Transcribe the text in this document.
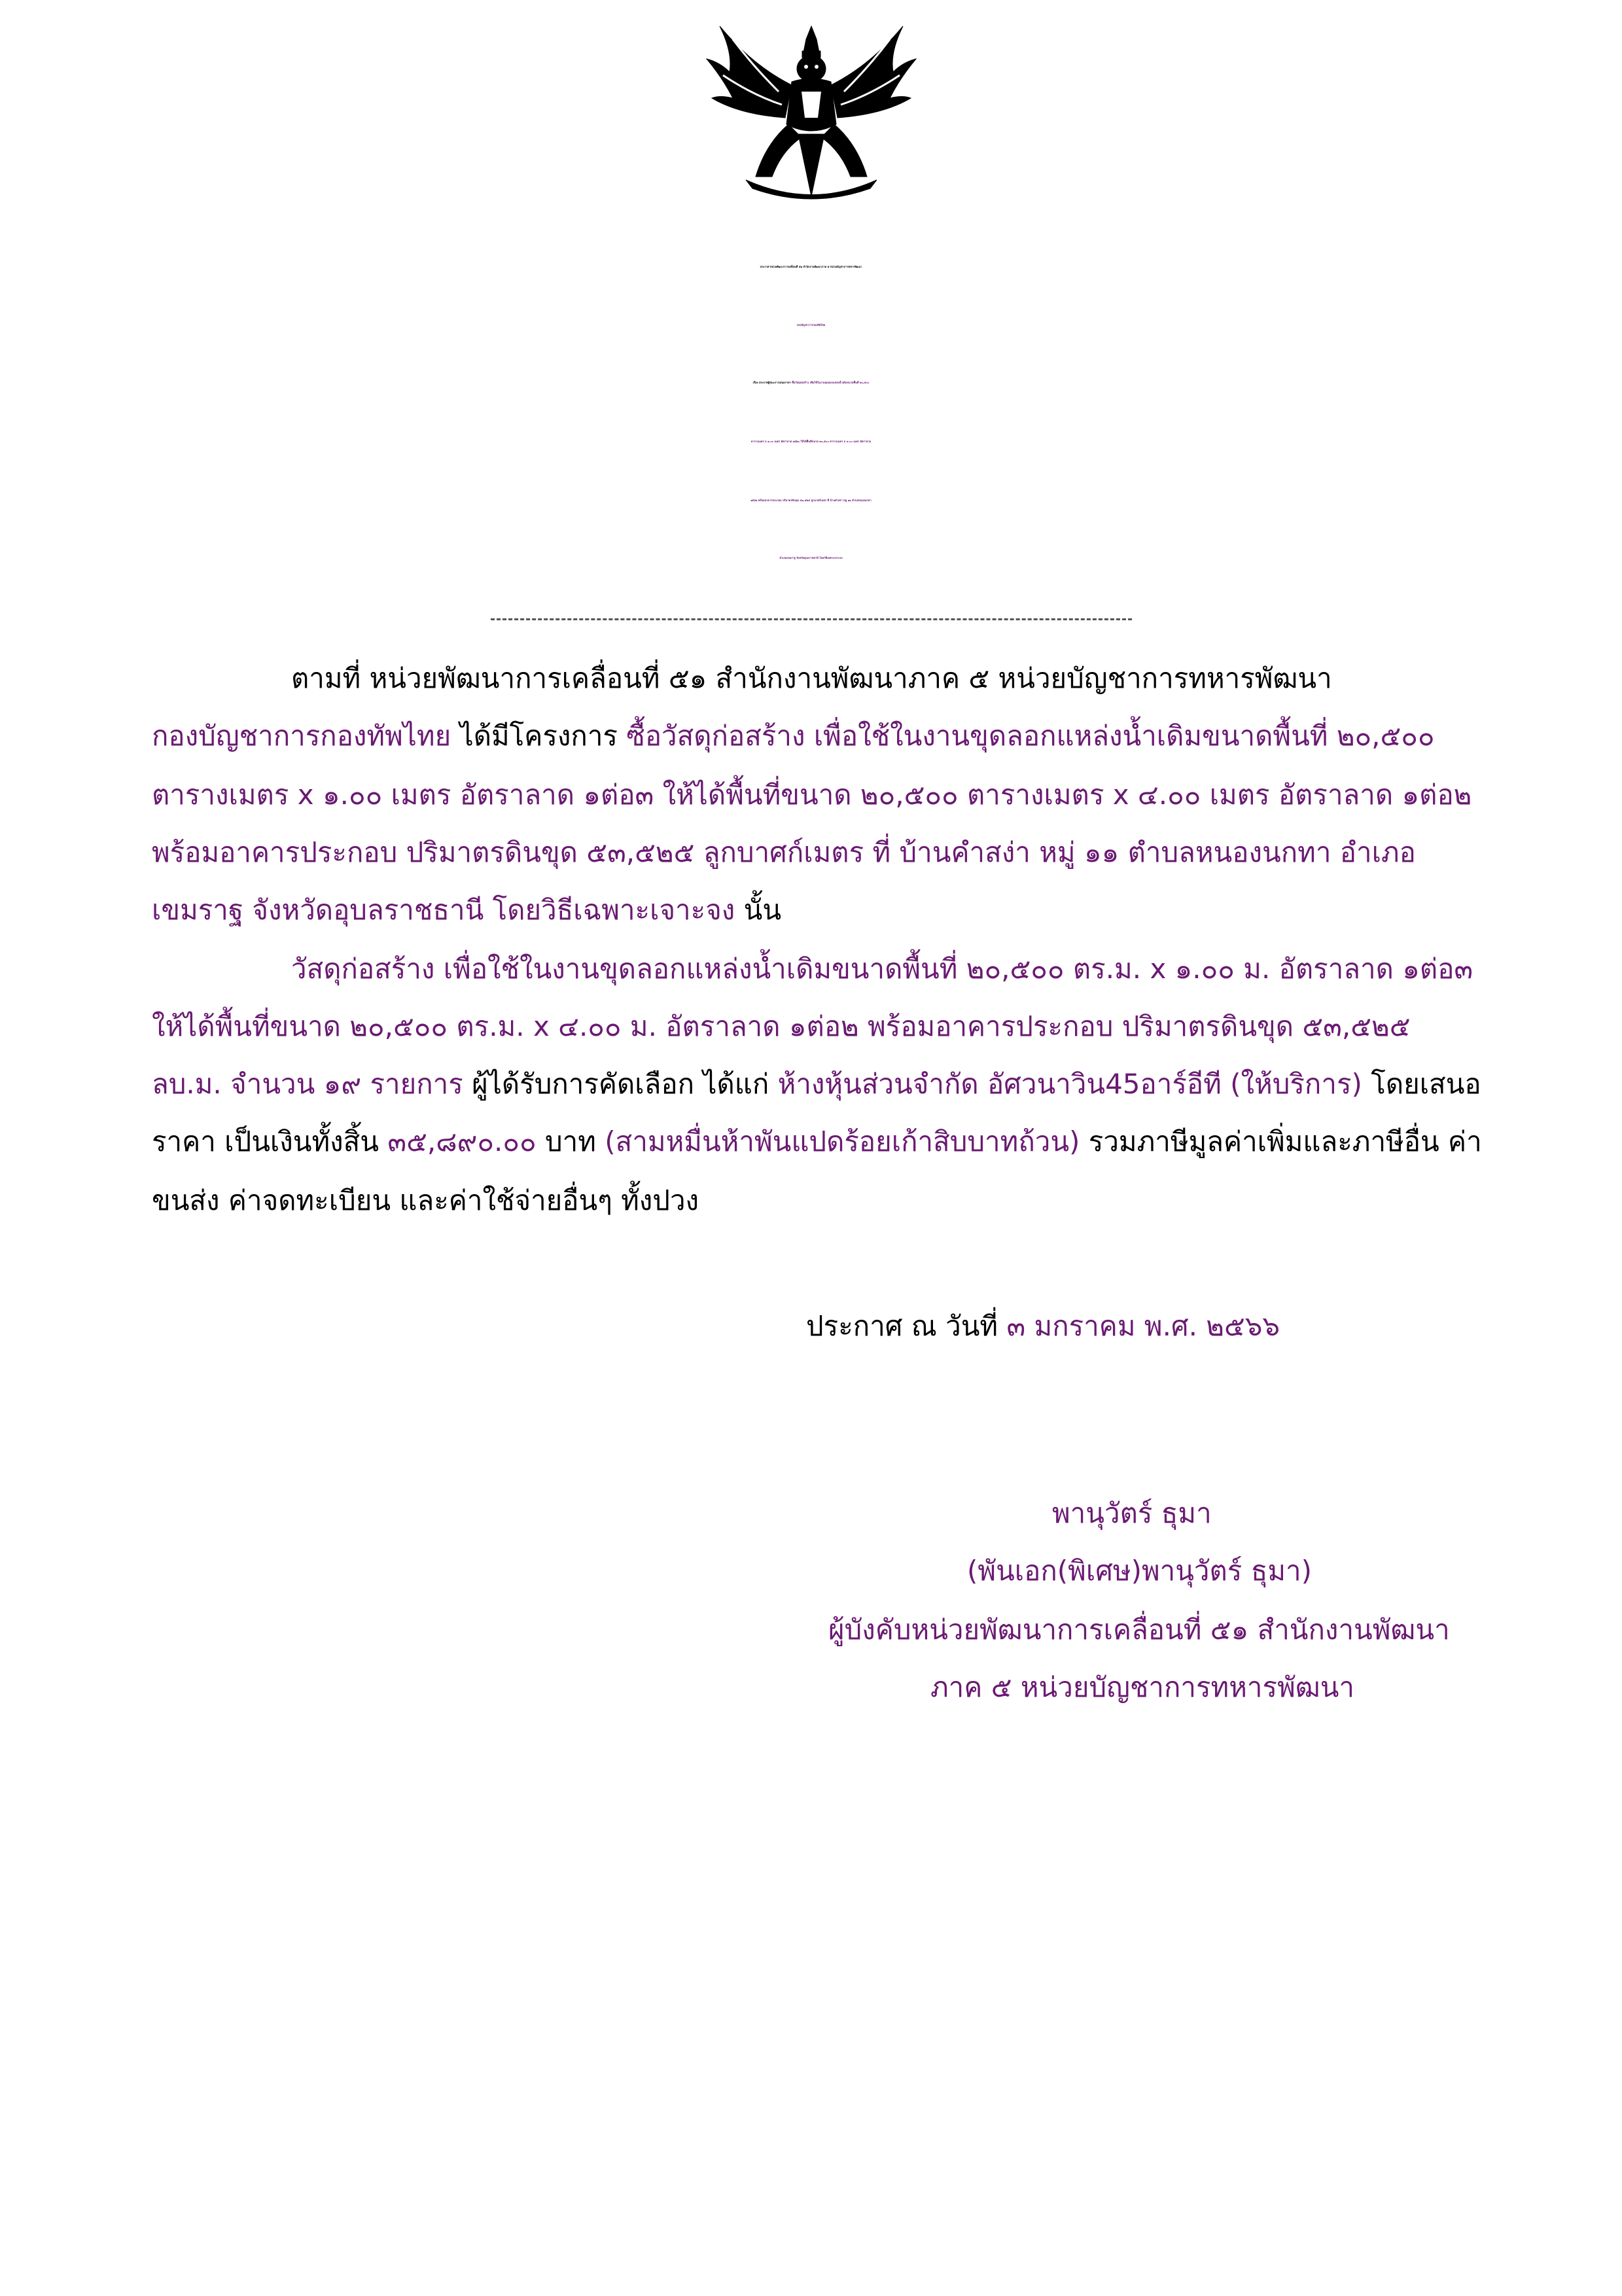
ประกาศ หน่วยพัฒนาการเคลื่อนที่ ๕๑ สำนักงานพัฒนาภาค ๕ หน่วยบัญชาการทหารพัฒนา
กองบัญชาการกองทัพไทย
เรื่อง ประกาศผู้ชนะการเสนอราคา ซื้อวัสดุก่อสร้าง เพื่อใช้ในงานขุดลอกแหล่งน้ำเดิมขนาดพื้นที่ ๒๐,๕๐๐
ตารางเมตร x ๑.๐๐ เมตร อัตราลาด ๑ต่อ๓ ให้ได้พื้นที่ขนาด ๒๐,๕๐๐ ตารางเมตร x ๔.๐๐ เมตร อัตราลาด
๑ต่อ๒ พร้อมอาคารประกอบ ปริมาตรดินขุด ๕๓,๕๒๕ ลูกบาศก์เมตร ที่ บ้านคำสง่า หมู่ ๑๑ ตำบลหนองนกทา
อำเภอเขมราฐ จังหวัดอุบลราชธานี โดยวิธีเฉพาะเจาะจง
ตามที่ หน่วยพัฒนาการเคลื่อนที่ ๕๑ สำนักงานพัฒนาภาค ๕ หน่วยบัญชาการทหารพัฒนา
กองบัญชาการกองทัพไทย ได้มีโครงการ ซื้อวัสดุก่อสร้าง เพื่อใช้ในงานขุดลอกแหล่งน้ำเดิมขนาดพื้นที่ ๒๐,๕๐๐
ตารางเมตร x ๑.๐๐ เมตร อัตราลาด ๑ต่อ๓ ให้ได้พื้นที่ขนาด ๒๐,๕๐๐ ตารางเมตร x ๔.๐๐ เมตร อัตราลาด ๑ต่อ๒
พร้อมอาคารประกอบ ปริมาตรดินขุด ๕๓,๕๒๕ ลูกบาศก์เมตร ที่ บ้านคำสง่า หมู่ ๑๑ ตำบลหนองนกทา อำเภอ
เขมราฐ จังหวัดอุบลราชธานี โดยวิธีเฉพาะเจาะจง นั้น
วัสดุก่อสร้าง เพื่อใช้ในงานขุดลอกแหล่งน้ำเดิมขนาดพื้นที่ ๒๐,๕๐๐ ตร.ม. x ๑.๐๐ ม. อัตราลาด ๑ต่อ๓
ให้ได้พื้นที่ขนาด ๒๐,๕๐๐ ตร.ม. x ๔.๐๐ ม. อัตราลาด ๑ต่อ๒ พร้อมอาคารประกอบ ปริมาตรดินขุด ๕๓,๕๒๕
ลบ.ม. จำนวน ๑๙ รายการ ผู้ได้รับการคัดเลือก ได้แก่ ห้างหุ้นส่วนจำกัด อัศวนาวิน45อาร์อีที (ให้บริการ) โดยเสนอ
ราคา เป็นเงินทั้งสิ้น ๓๕,๘๙๐.๐๐ บาท (สามหมื่นห้าพันแปดร้อยเก้าสิบบาทถ้วน) รวมภาษีมูลค่าเพิ่มและภาษีอื่น ค่า
ขนส่ง ค่าจดทะเบียน และค่าใช้จ่ายอื่นๆ ทั้งปวง
ประกาศ ณ วันที่ ๓ มกราคม พ.ศ. ๒๕๖๖
พานุวัตร์ ธุมา
(พันเอก(พิเศษ)พานุวัตร์ ธุมา)
ผู้บังคับหน่วยพัฒนาการเคลื่อนที่ ๕๑ สำนักงานพัฒนา
ภาค ๕ หน่วยบัญชาการทหารพัฒนา
